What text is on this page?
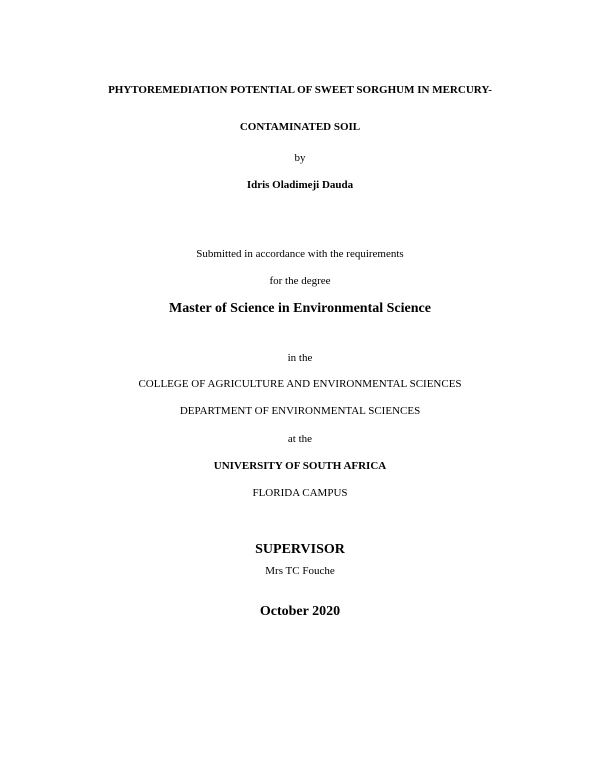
PHYTOREMEDIATION POTENTIAL OF SWEET SORGHUM IN MERCURY-
CONTAMINATED SOIL
by
Idris Oladimeji Dauda
Submitted in accordance with the requirements
for the degree
Master of Science in Environmental Science
in the
COLLEGE OF AGRICULTURE AND ENVIRONMENTAL SCIENCES
DEPARTMENT OF ENVIRONMENTAL SCIENCES
at the
UNIVERSITY OF SOUTH AFRICA
FLORIDA CAMPUS
SUPERVISOR
Mrs TC Fouche
October 2020
